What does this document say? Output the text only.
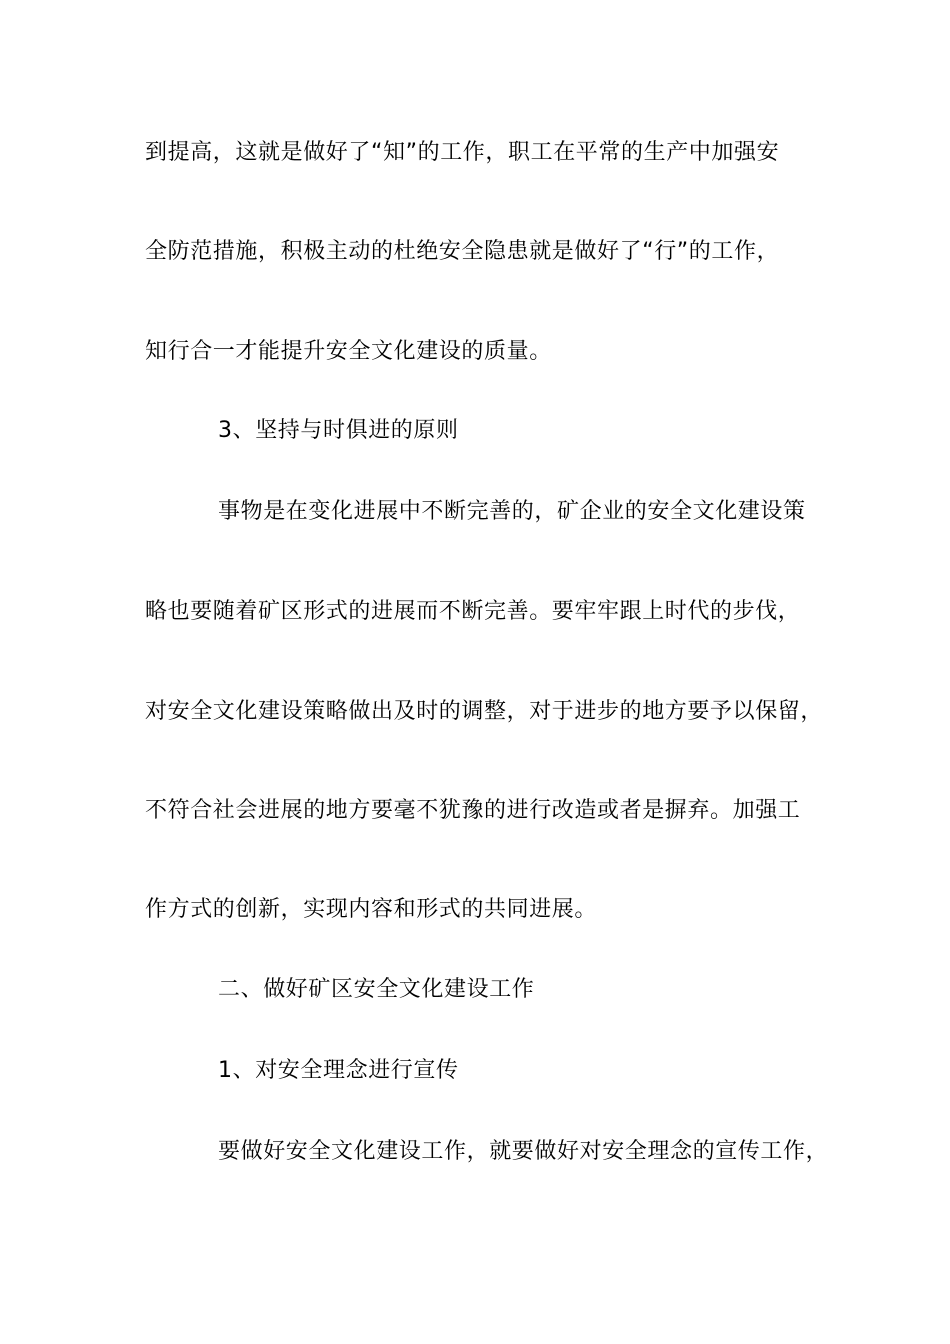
到提高，这就是做好了“知”的工作，职工在平常的生产中加强安
全防范措施，积极主动的杜绝安全隐患就是做好了“行”的工作，
知行合一才能提升安全文化建设的质量。
3、坚持与时俱进的原则
事物是在变化进展中不断完善的，矿企业的安全文化建设策
略也要随着矿区形式的进展而不断完善。要牢牢跟上时代的步伐，
对安全文化建设策略做出及时的调整，对于进步的地方要予以保留，
不符合社会进展的地方要毫不犹豫的进行改造或者是摒弃。加强工
作方式的创新，实现内容和形式的共同进展。
二、做好矿区安全文化建设工作
1、对安全理念进行宣传
要做好安全文化建设工作，就要做好对安全理念的宣传工作，
